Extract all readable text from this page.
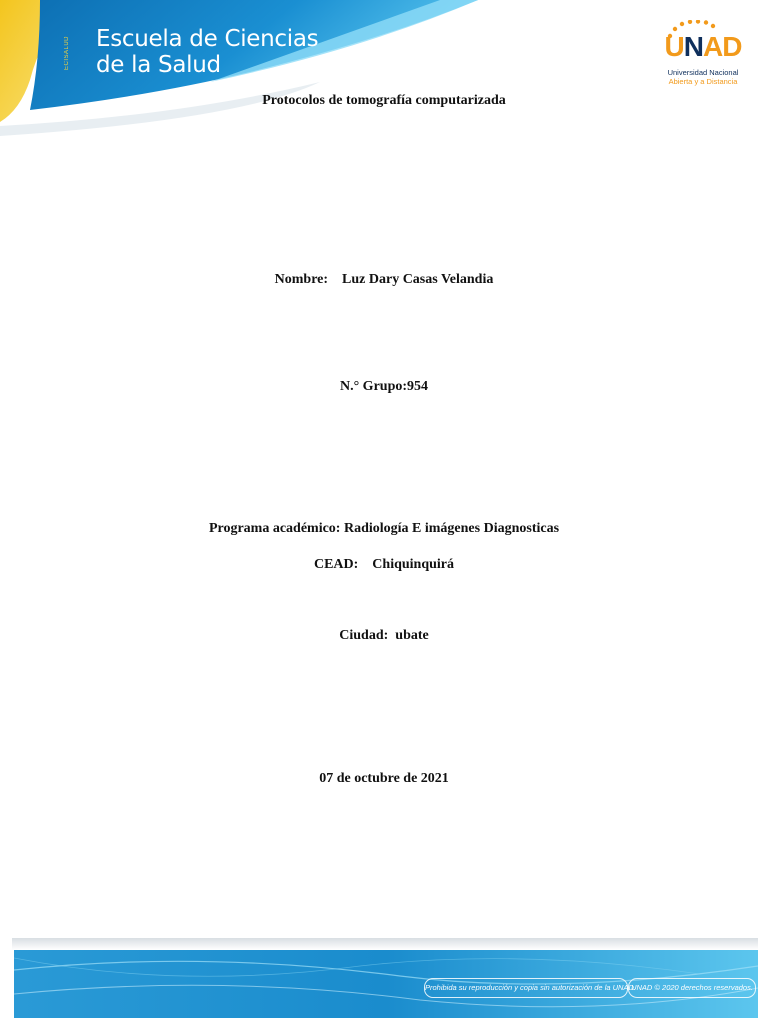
ECISALUD	Escuela de Ciencias
de la Salud
UNAD
Universidad Nacional
Abierta y a Distancia
Protocolos de tomografía computarizada
Nombre:    Luz Dary Casas Velandia
N.° Grupo:954
Programa académico: Radiología E imágenes Diagnosticas
CEAD:    Chiquinquirá
Ciudad:  ubate
07 de octubre de 2021
Prohibida su reproducción y copia sin autorización de la UNAD.
UNAD © 2020 derechos reservados.
